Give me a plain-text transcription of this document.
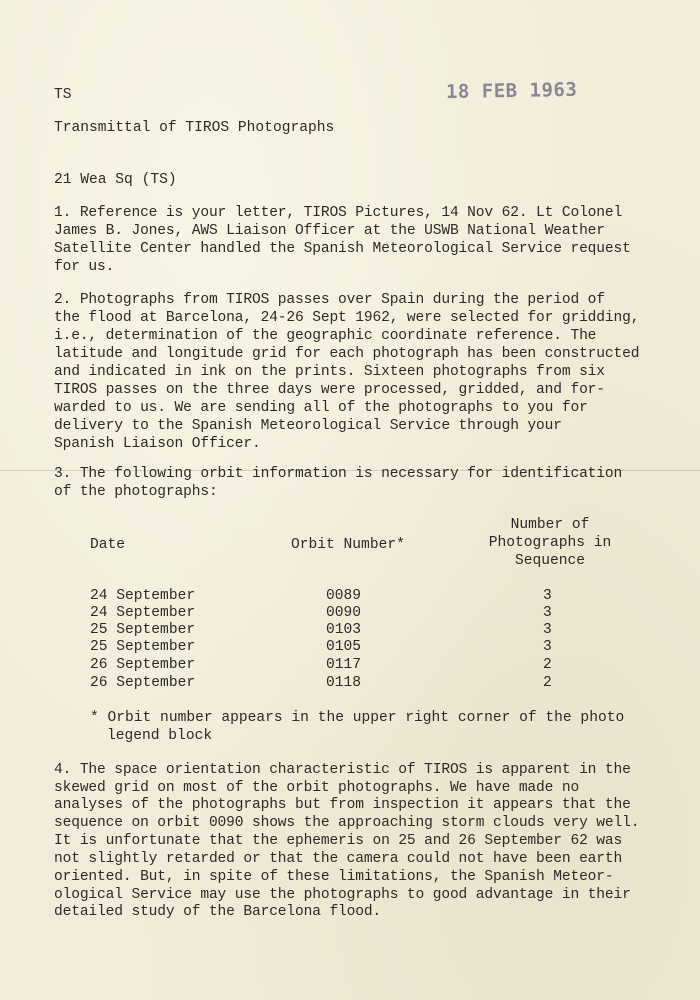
TS	18 FEB 1963
Transmittal of TIROS Photographs
21 Wea Sq (TS)
1. Reference is your letter, TIROS Pictures, 14 Nov 62. Lt Colonel
James B. Jones, AWS Liaison Officer at the USWB National Weather
Satellite Center handled the Spanish Meteorological Service request
for us.
2. Photographs from TIROS passes over Spain during the period of
the flood at Barcelona, 24-26 Sept 1962, were selected for gridding,
i.e., determination of the geographic coordinate reference. The
latitude and longitude grid for each photograph has been constructed
and indicated in ink on the prints. Sixteen photographs from six
TIROS passes on the three days were processed, gridded, and for-
warded to us. We are sending all of the photographs to you for
delivery to the Spanish Meteorological Service through your
Spanish Liaison Officer.
3. The following orbit information is necessary for identification
of the photographs:
Date	Orbit Number*
Number of
Photographs in
Sequence
24 September	0089	3
24 September	0090	3
25 September	0103	3
25 September	0105	3
26 September	0117	2
26 September	0118	2
* Orbit number appears in the upper right corner of the photo
legend block
4. The space orientation characteristic of TIROS is apparent in the
skewed grid on most of the orbit photographs. We have made no
analyses of the photographs but from inspection it appears that the
sequence on orbit 0090 shows the approaching storm clouds very well.
It is unfortunate that the ephemeris on 25 and 26 September 62 was
not slightly retarded or that the camera could not have been earth
oriented. But, in spite of these limitations, the Spanish Meteor-
ological Service may use the photographs to good advantage in their
detailed study of the Barcelona flood.
